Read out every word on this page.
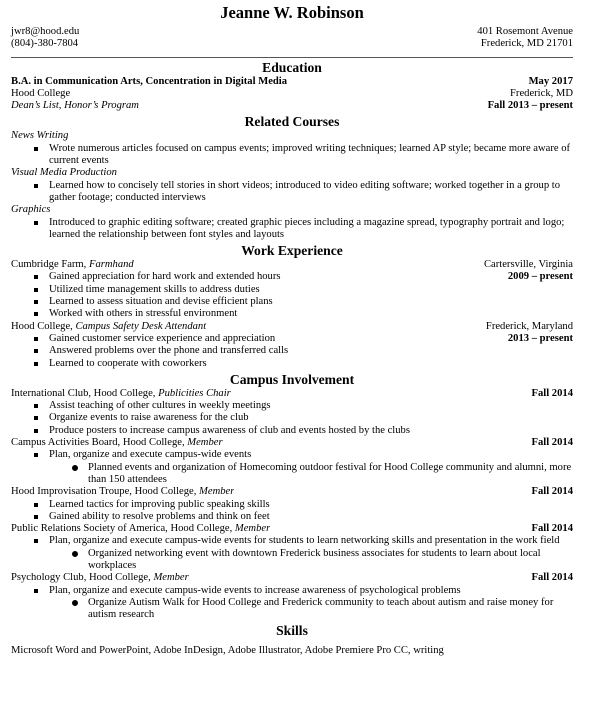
Jeanne W. Robinson
jwr8@hood.edu
(804)-380-7804
401 Rosemont Avenue
Frederick, MD 21701
Education
B.A. in Communication Arts, Concentration in Digital Media	May 2017
Hood College	Frederick, MD
Dean’s List, Honor’s Program	Fall 2013 – present
Related Courses
News Writing
Wrote numerous articles focused on campus events; improved writing techniques; learned AP style; became more aware of current events
Visual Media Production
Learned how to concisely tell stories in short videos; introduced to video editing software; worked together in a group to gather footage; conducted interviews
Graphics
Introduced to graphic editing software; created graphic pieces including a magazine spread, typography portrait and logo; learned the relationship between font styles and layouts
Work Experience
Cumbridge Farm, Farmhand	Cartersville, Virginia
Gained appreciation for hard work and extended hours	2009 – present
Utilized time management skills to address duties
Learned to assess situation and devise efficient plans
Worked with others in stressful environment
Hood College, Campus Safety Desk Attendant	Frederick, Maryland
Gained customer service experience and appreciation	2013 – present
Answered problems over the phone and transferred calls
Learned to cooperate with coworkers
Campus Involvement
International Club, Hood College, Publicities Chair	Fall 2014
Assist teaching of other cultures in weekly meetings
Organize events to raise awareness for the club
Produce posters to increase campus awareness of club and events hosted by the clubs
Campus Activities Board, Hood College, Member	Fall 2014
Plan, organize and execute campus-wide events
Planned events and organization of Homecoming outdoor festival for Hood College community and alumni, more than 150 attendees
Hood Improvisation Troupe, Hood College, Member	Fall 2014
Learned tactics for improving public speaking skills
Gained ability to resolve problems and think on feet
Public Relations Society of America, Hood College, Member	Fall 2014
Plan, organize and execute campus-wide events for students to learn networking skills and presentation in the work field
Organized networking event with downtown Frederick business associates for students to learn about local workplaces
Psychology Club, Hood College, Member	Fall 2014
Plan, organize and execute campus-wide events to increase awareness of psychological problems
Organize Autism Walk for Hood College and Frederick community to teach about autism and raise money for autism research
Skills
Microsoft Word and PowerPoint, Adobe InDesign, Adobe Illustrator, Adobe Premiere Pro CC, writing
